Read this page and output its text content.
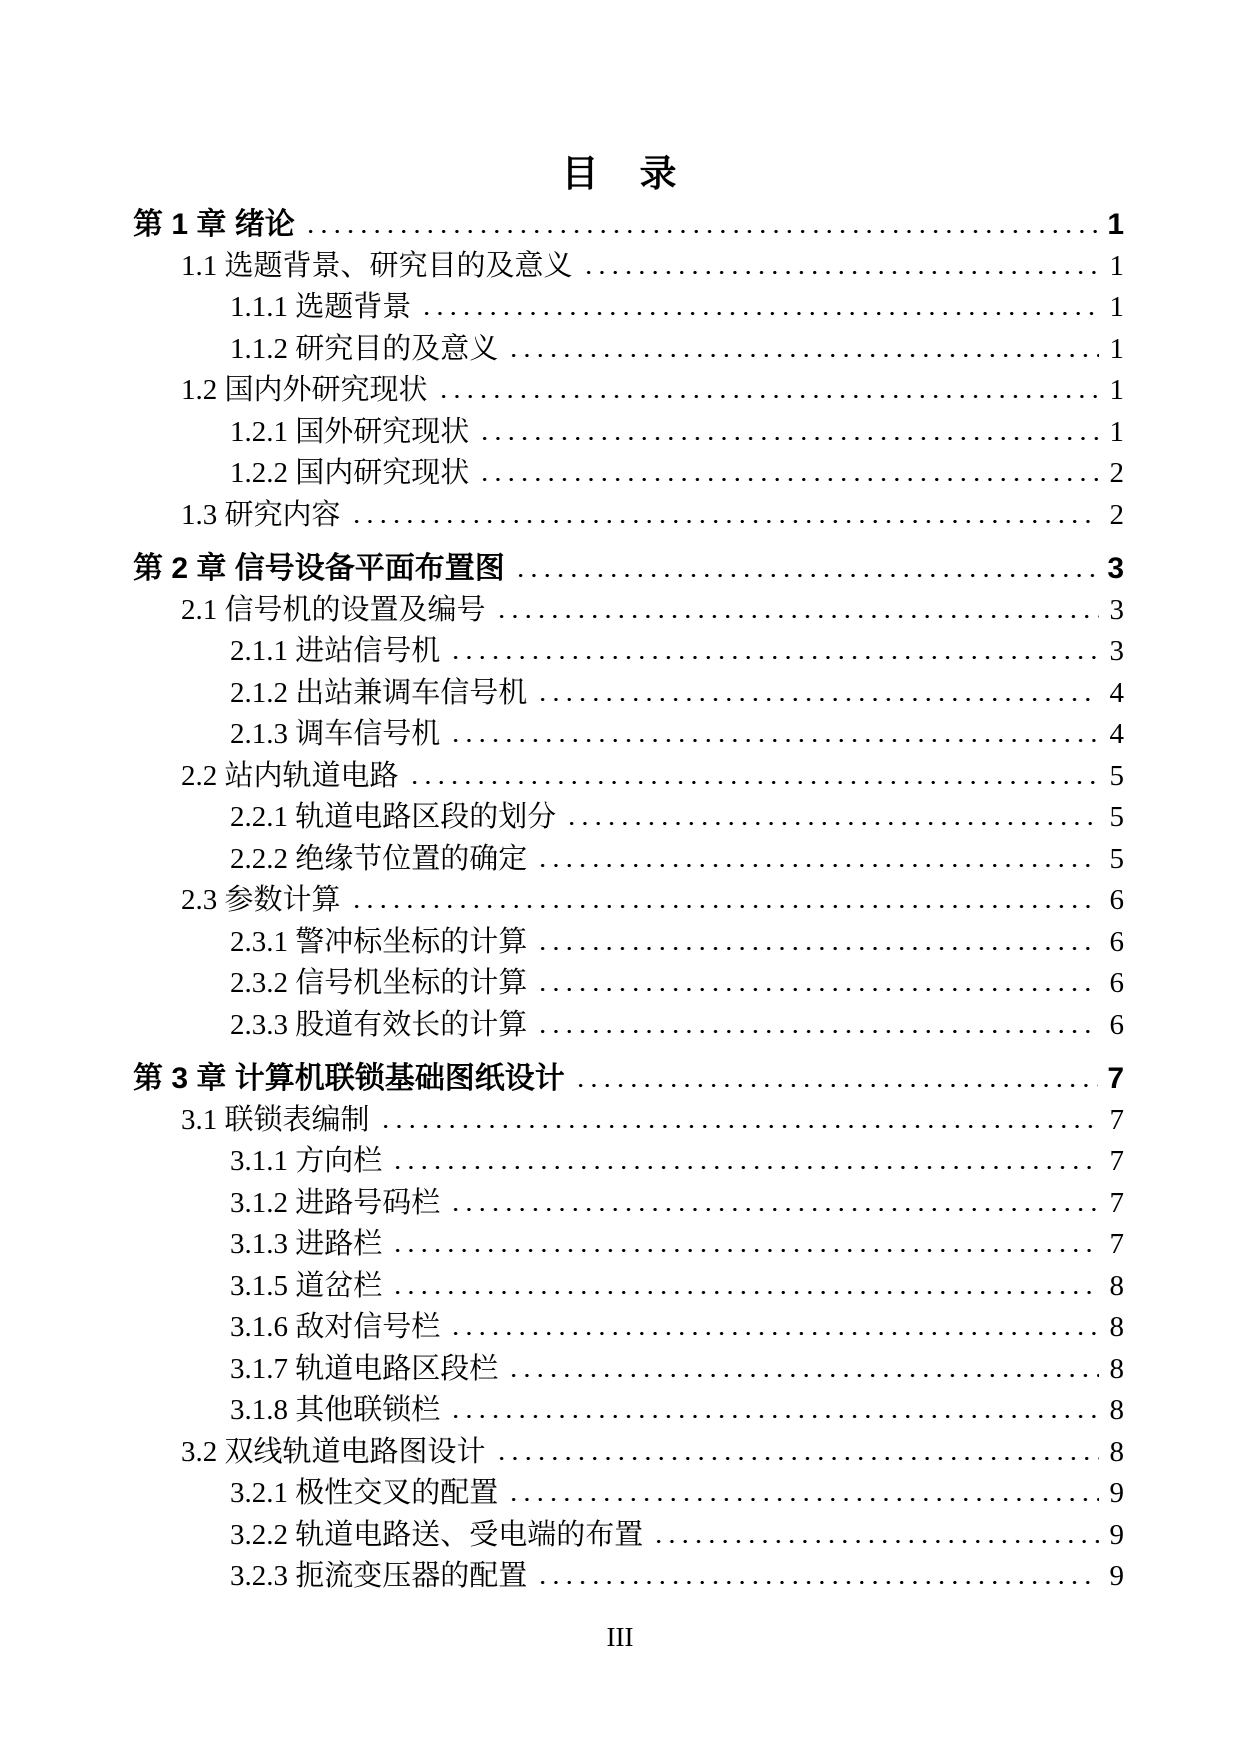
目　录
第 1 章 绪论	1
1.1 选题背景、研究目的及意义	1
1.1.1 选题背景	1
1.1.2 研究目的及意义	1
1.2 国内外研究现状	1
1.2.1 国外研究现状	1
1.2.2 国内研究现状	2
1.3 研究内容	2
第 2 章 信号设备平面布置图	3
2.1 信号机的设置及编号	3
2.1.1 进站信号机	3
2.1.2 出站兼调车信号机	4
2.1.3 调车信号机	4
2.2 站内轨道电路	5
2.2.1 轨道电路区段的划分	5
2.2.2 绝缘节位置的确定	5
2.3 参数计算	6
2.3.1 警冲标坐标的计算	6
2.3.2 信号机坐标的计算	6
2.3.3 股道有效长的计算	6
第 3 章 计算机联锁基础图纸设计	7
3.1 联锁表编制	7
3.1.1 方向栏	7
3.1.2 进路号码栏	7
3.1.3 进路栏	7
3.1.5 道岔栏	8
3.1.6 敌对信号栏	8
3.1.7 轨道电路区段栏	8
3.1.8 其他联锁栏	8
3.2 双线轨道电路图设计	8
3.2.1 极性交叉的配置	9
3.2.2 轨道电路送、受电端的布置	9
3.2.3 扼流变压器的配置	9
III
